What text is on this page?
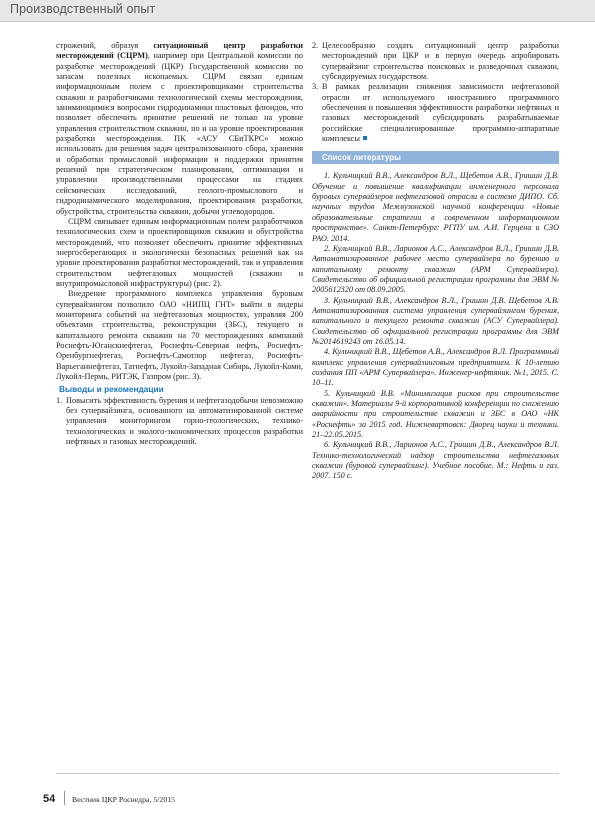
Производственный опыт

строжений, образуя ситуационный центр разработки месторождений (СЦРМ), например при Центральной комиссии по разработке месторождений (ЦКР) Государственной комиссии по запасам полезных ископаемых. СЦРМ связан единым информационным полем с проектировщиками строительства скважин и разработчиками технологической схемы месторождения, занимающимися вопросами гидродинамики пластовых флюидов, что позволяет обеспечить принятие решений не только на уровне управления строительством скважин, но и на уровне проектирования разработки месторождения. ПК «АСУ СБиТКРС» можно использовать для решения задач централизованного сбора, хранения и обработки промысловой информации и поддержки принятия решений при стратегическом планировании, оптимизации и управлении производственными процессами на стадиях сейсмических исследований, геолого-промыслового и гидродинамического моделирования, проектирования разработки, обустройства, строительства скважин, добычи углеводородов.

СЦРМ связывает единым информационным полем разработчиков технологических схем и проектировщиков скважин и обустройства месторождений, что позволяет обеспечить принятие эффективных энергосберегающих и экологически безопасных решений как на уровне проектирования разработки месторождений, так и управления строительством нефтегазовых мощностей (скважин и внутрипромысловой инфраструктуры) (рис. 2).

Внедрение программного комплекса управления буровым супервайзингом позволило ОАО «НИПЦ ГНТ» выйти в лидеры мониторинга событий на нефтегазовых мощностях, управляя 200 объектами строительства, реконструкции (ЗБС), текущего и капитального ремонта скважин на 70 месторождениях компаний Роснефть-Юганскнефтегаз, Роснефть-Северная нефть, Роснефть-Оренбургнефтегаз, Роснефть-Самотлор нефтегаз, Роснефть-Варьеганнефтегаз, Татнефть, Лукойл-Западная Сибирь, Лукойл-Коми, Лукойл-Пермь, РИТЭК, Газпром (рис. 3).

Выводы и рекомендации
1. Повысить эффективность бурения и нефтегазодобычи невозможно без супервайзинга, основанного на автоматизированной системе управления мониторингом горно-геологических, технико-технологических и эколого-экономических процессов разработки нефтяных и газовых месторождений.
2. Целесообразно создать ситуационный центр разработки месторождений при ЦКР и в первую очередь апробировать супервайзинг строительства поисковых и разведочных скважин, субсидируемых государством.
3. В рамках реализации снижения зависимости нефтегазовой отрасли от используемого иностранного программного обеспечения и повышения эффективности разработки нефтяных и газовых месторождений субсидировать разрабатываемые российские специализированные программно-аппаратные комплексы
Список литературы

1. Кульчицкий В.В., Александров В.Л., Щебетов А.В., Гришин Д.В. Обучение и повышение квалификации инженерного персонала буровых супервайзеров нефтегазовой отрасли в системе ДИПО. Сб. научных трудов Межвузонской научной конференции «Новые образовательные стратегии в современном информационном пространстве». Санкт-Петербург: РГПУ им. А.И. Герцена и СЗО РАО. 2014.

2. Кульчицкий В.В., Ларионов А.С., Александров В.Л., Гришин Д.В. Автоматизированное рабочее место супервайзера по бурению и капитальному ремонту скважин (АРМ Супервайзера). Свидетельство об официальной регистрации программы для ЭВМ № 2005612320 от 08.09.2005.

3. Кульчицкий В.В., Александров В.Л., Гришин Д.В. Щебетов А.В. Автоматизированная система управления супервайзингом бурения, капитального и текущего ремонта скважин (АСУ Супервайзера). Свидетельство об официальной регистрации программы для ЭВМ №2014619243 от 16.05.14.

4. Кульчицкий В.В., Щебетов А.В., Александров В.Л. Программный комплекс управления супервайзинговым предприятием. К 10-летию создания ПП «АРМ Супервайзера». Инженер-нефтяник. №1, 2015. С. 10–11.

5. Кульчицкий В.В. «Минимизация рисков при строительстве скважин». Материалы 9-й корпоративной конференции по снижению аварийности при строительстве скважин и ЗБС в ОАО «НК «Роснефть» за 2015 год. Нижневартовск: Дворец науки и техники. 21–22.05.2015.

6. Кульчицкий В.В., Ларионов А.С., Гришин Д.В., Александров В.Л. Технико-технологический надзор строительства нефтегазовых скважин (буровой супервайзинг). Учебное пособие. М.: Нефть и газ. 2007. 150 с.

54 Вестник ЦКР Роснедра, 5/2015
